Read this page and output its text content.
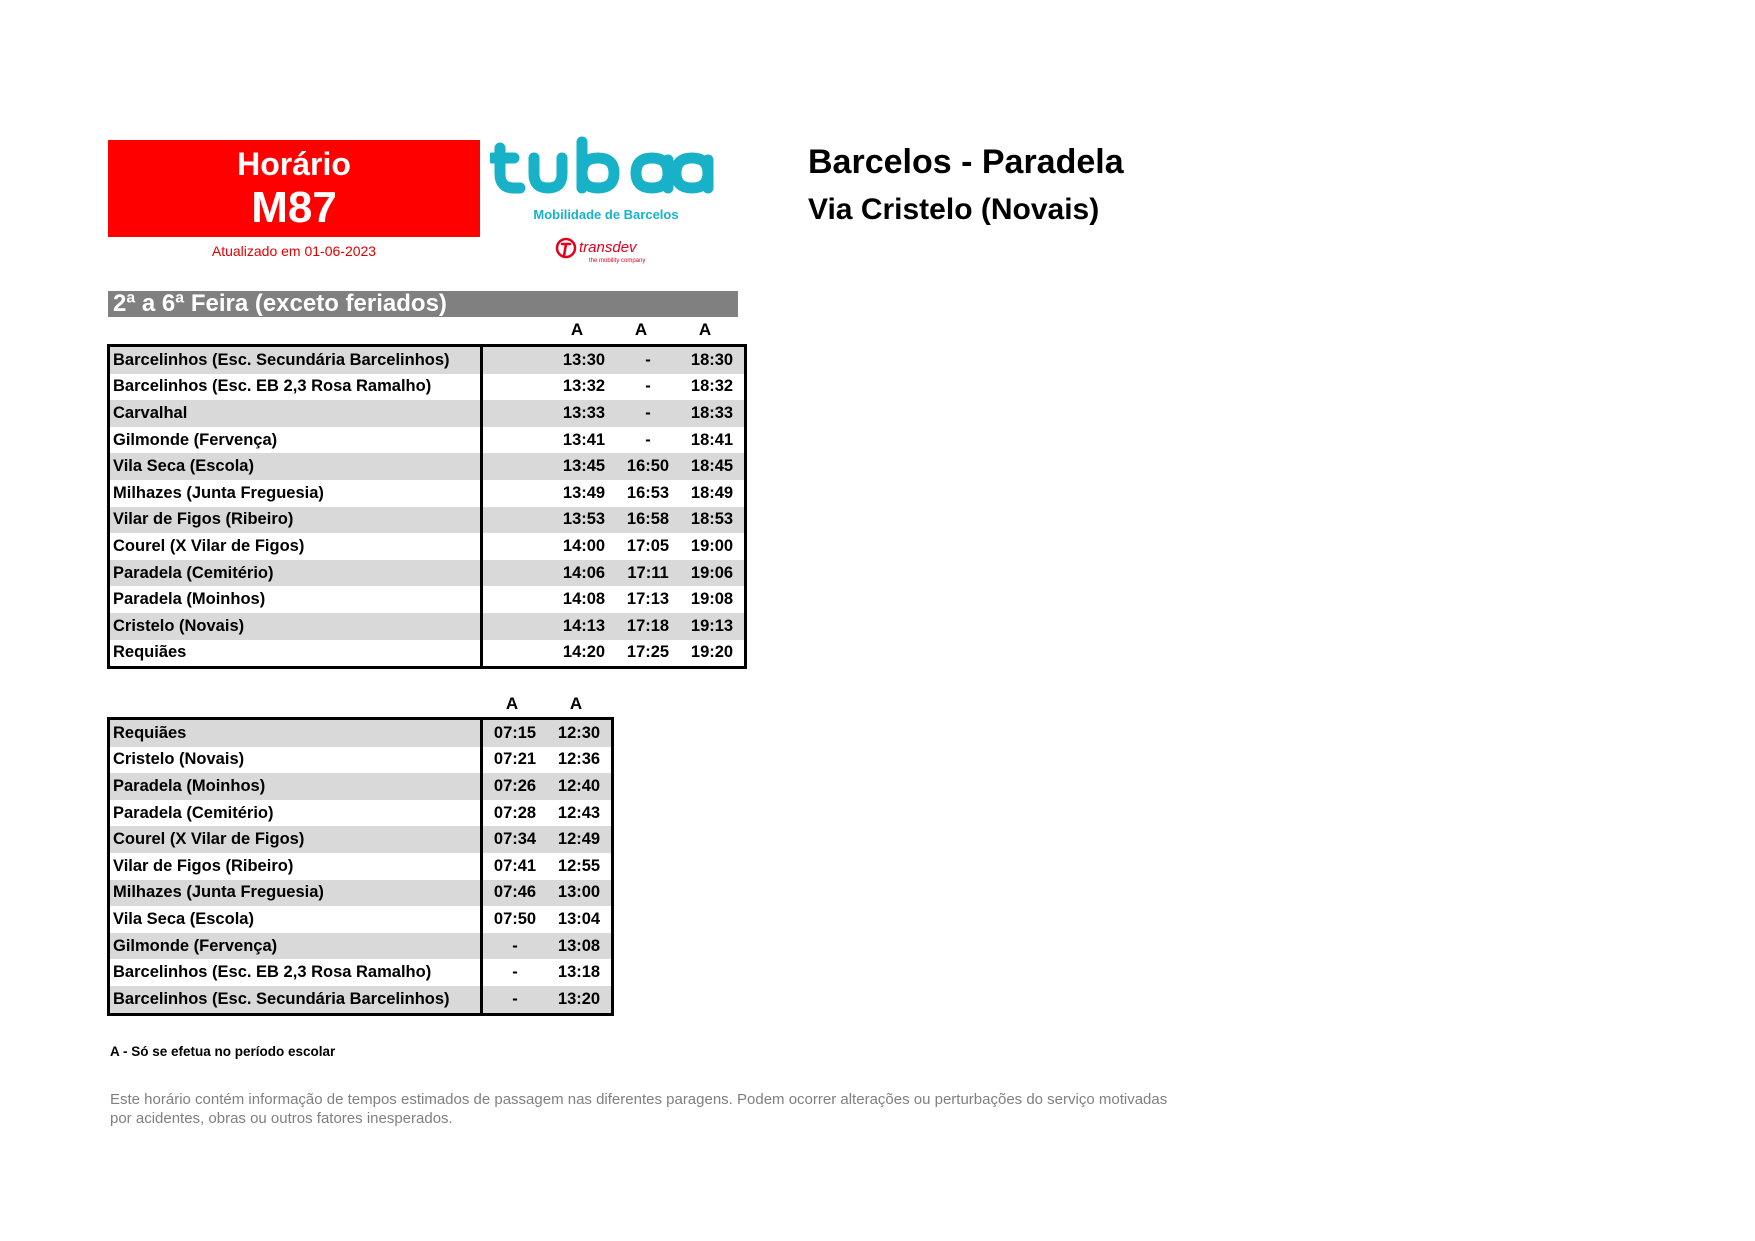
Horário
M87
Atualizado em 01-06-2023
Mobilidade de Barcelos
transdev
the mobility company
Barcelos - Paradela
Via Cristelo (Novais)
2ª a 6ª Feira (exceto feriados)
A	A	A
Barcelinhos (Esc. Secundária Barcelinhos)		13:30	-	18:30
Barcelinhos (Esc. EB 2,3 Rosa Ramalho)		13:32	-	18:32
Carvalhal		13:33	-	18:33
Gilmonde (Fervença)		13:41	-	18:41
Vila Seca (Escola)		13:45	16:50	18:45
Milhazes (Junta Freguesia)		13:49	16:53	18:49
Vilar de Figos (Ribeiro)		13:53	16:58	18:53
Courel (X Vilar de Figos)		14:00	17:05	19:00
Paradela (Cemitério)		14:06	17:11	19:06
Paradela (Moinhos)		14:08	17:13	19:08
Cristelo (Novais)		14:13	17:18	19:13
Requiães		14:20	17:25	19:20
A	A
Requiães	07:15	12:30
Cristelo (Novais)	07:21	12:36
Paradela (Moinhos)	07:26	12:40
Paradela (Cemitério)	07:28	12:43
Courel (X Vilar de Figos)	07:34	12:49
Vilar de Figos (Ribeiro)	07:41	12:55
Milhazes (Junta Freguesia)	07:46	13:00
Vila Seca (Escola)	07:50	13:04
Gilmonde (Fervença)	-	13:08
Barcelinhos (Esc. EB 2,3 Rosa Ramalho)	-	13:18
Barcelinhos (Esc. Secundária Barcelinhos)	-	13:20
A - Só se efetua no período escolar
Este horário contém informação de tempos estimados de passagem nas diferentes paragens. Podem ocorrer alterações ou perturbações do serviço motivadas
por acidentes, obras ou outros fatores inesperados.
